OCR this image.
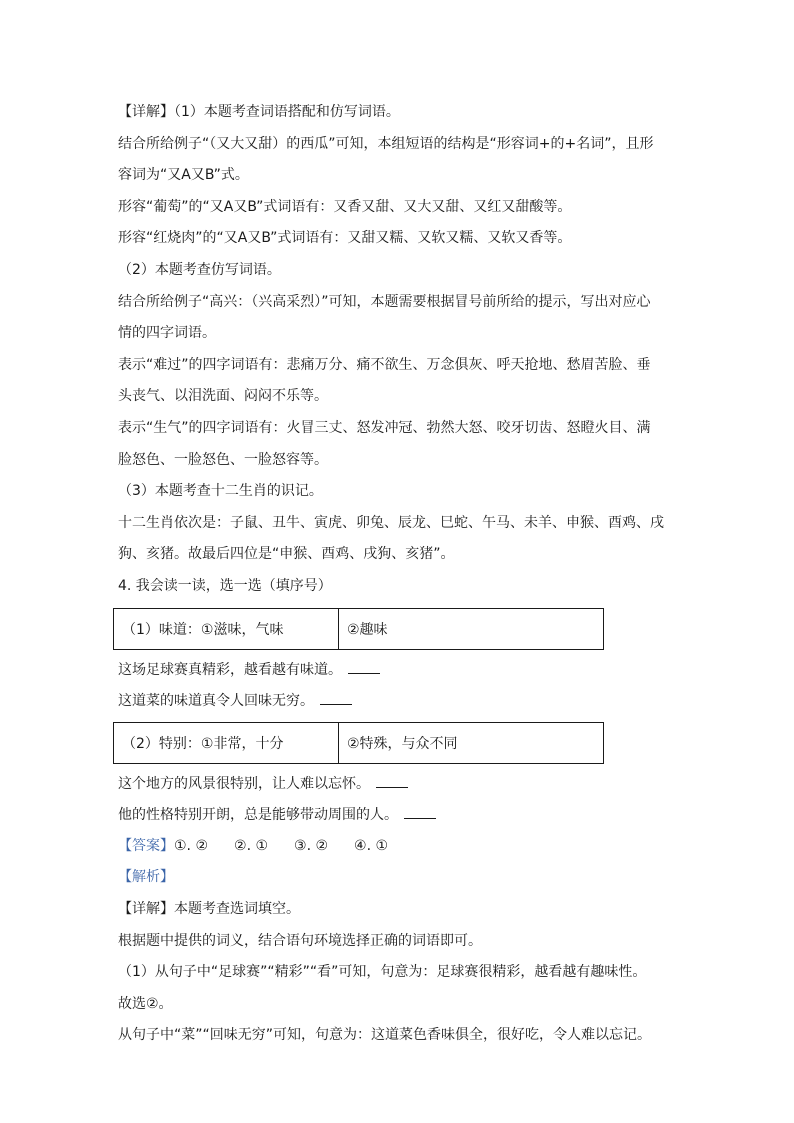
【详解】（1）本题考查词语搭配和仿写词语。
结合所给例子“（又大又甜）的西瓜”可知，本组短语的结构是“形容词+的+名词”，且形
容词为“又A又B”式。
形容“葡萄”的“又A又B”式词语有：又香又甜、又大又甜、又红又甜酸等。
形容“红烧肉”的“又A又B”式词语有：又甜又糯、又软又糯、又软又香等。
（2）本题考查仿写词语。
结合所给例子“高兴：（兴高采烈）”可知，本题需要根据冒号前所给的提示，写出对应心
情的四字词语。
表示“难过”的四字词语有：悲痛万分、痛不欲生、万念俱灰、呼天抢地、愁眉苦脸、垂
头丧气、以泪洗面、闷闷不乐等。
表示“生气”的四字词语有：火冒三丈、怒发冲冠、勃然大怒、咬牙切齿、怒瞪火目、满
脸怒色、一脸怒色、一脸怒容等。
（3）本题考查十二生肖的识记。
十二生肖依次是：子鼠、丑牛、寅虎、卯兔、辰龙、巳蛇、午马、未羊、申猴、酉鸡、戌
狗、亥猪。故最后四位是“申猴、酉鸡、戌狗、亥猪”。
4. 我会读一读，选一选（填序号）
（1）味道：①滋味，气味	②趣味
这场足球赛真精彩，越看越有味道。
这道菜的味道真令人回味无穷。
（2）特别：①非常，十分	②特殊，与众不同
这个地方的风景很特别，让人难以忘怀。
他的性格特别开朗，总是能够带动周围的人。
【答案】①. ② ②. ① ③. ② ④. ①
【解析】
【详解】本题考查选词填空。
根据题中提供的词义，结合语句环境选择正确的词语即可。
（1）从句子中“足球赛”“精彩”“看”可知，句意为：足球赛很精彩，越看越有趣味性。
故选②。
从句子中“菜”“回味无穷”可知，句意为：这道菜色香味俱全，很好吃，令人难以忘记。
